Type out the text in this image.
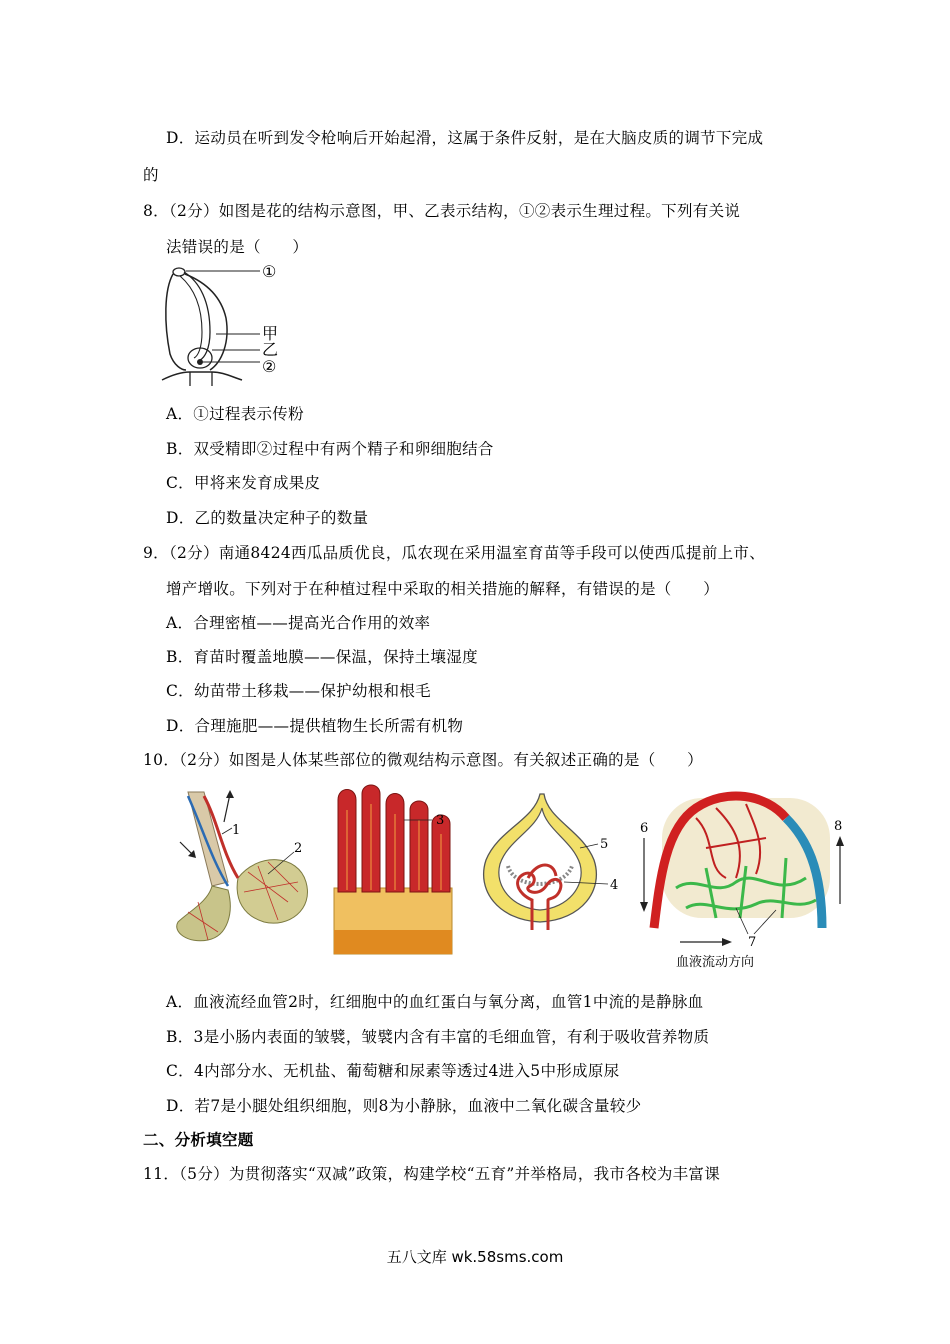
D．运动员在听到发令枪响后开始起滑，这属于条件反射，是在大脑皮质的调节下完成
的
8．（2分）如图是花的结构示意图，甲、乙表示结构，①②表示生理过程。下列有关说
法错误的是（　　）
①
甲
乙
②
A．①过程表示传粉
B．双受精即②过程中有两个精子和卵细胞结合
C．甲将来发育成果皮
D．乙的数量决定种子的数量
9．（2分）南通8424西瓜品质优良，瓜农现在采用温室育苗等手段可以使西瓜提前上市、
增产增收。下列对于在种植过程中采取的相关措施的解释，有错误的是（　　）
A．合理密植——提高光合作用的效率
B．育苗时覆盖地膜——保温，保持土壤湿度
C．幼苗带土移栽——保护幼根和根毛
D．合理施肥——提供植物生长所需有机物
10．（2分）如图是人体某些部位的微观结构示意图。有关叙述正确的是（　　）
1
2
3
5
4
6	8
7
血液流动方向
A．血液流经血管2时，红细胞中的血红蛋白与氧分离，血管1中流的是静脉血
B．3是小肠内表面的皱襞，皱襞内含有丰富的毛细血管，有利于吸收营养物质
C．4内部分水、无机盐、葡萄糖和尿素等透过4进入5中形成原尿
D．若7是小腿处组织细胞，则8为小静脉，血液中二氧化碳含量较少
二、分析填空题
11．（5分）为贯彻落实“双减”政策，构建学校“五育”并举格局，我市各校为丰富课
五八文库 wk.58sms.com
